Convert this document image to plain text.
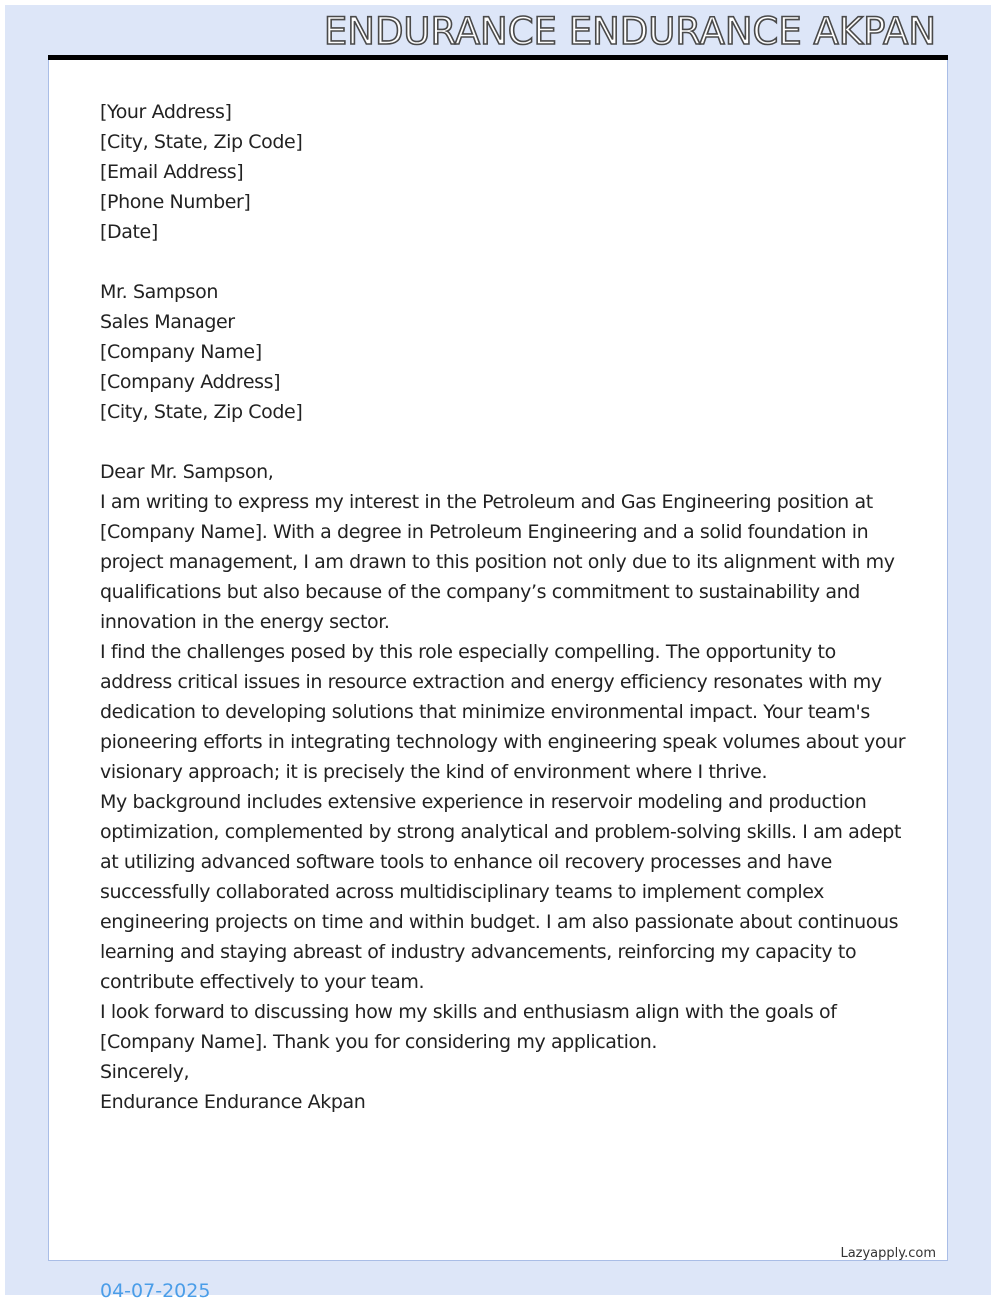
ENDURANCE ENDURANCE AKPAN
[Your Address]
[City, State, Zip Code]
[Email Address]
[Phone Number]
[Date]
Mr. Sampson
Sales Manager
[Company Name]
[Company Address]
[City, State, Zip Code]

Dear Mr. Sampson,

I am writing to express my interest in the Petroleum and Gas Engineering position at [Company Name]. With a degree in Petroleum Engineering and a solid foundation in project management, I am drawn to this position not only due to its alignment with my qualifications but also because of the company’s commitment to sustainability and innovation in the energy sector.

I find the challenges posed by this role especially compelling. The opportunity to address critical issues in resource extraction and energy efficiency resonates with my dedication to developing solutions that minimize environmental impact. Your team's pioneering efforts in integrating technology with engineering speak volumes about your visionary approach; it is precisely the kind of environment where I thrive.

My background includes extensive experience in reservoir modeling and production optimization, complemented by strong analytical and problem-solving skills. I am adept at utilizing advanced software tools to enhance oil recovery processes and have successfully collaborated across multidisciplinary teams to implement complex engineering projects on time and within budget. I am also passionate about continuous learning and staying abreast of industry advancements, reinforcing my capacity to contribute effectively to your team.

I look forward to discussing how my skills and enthusiasm align with the goals of [Company Name]. Thank you for considering my application.

Sincerely,
Endurance Endurance Akpan
Lazyapply.com
04-07-2025
